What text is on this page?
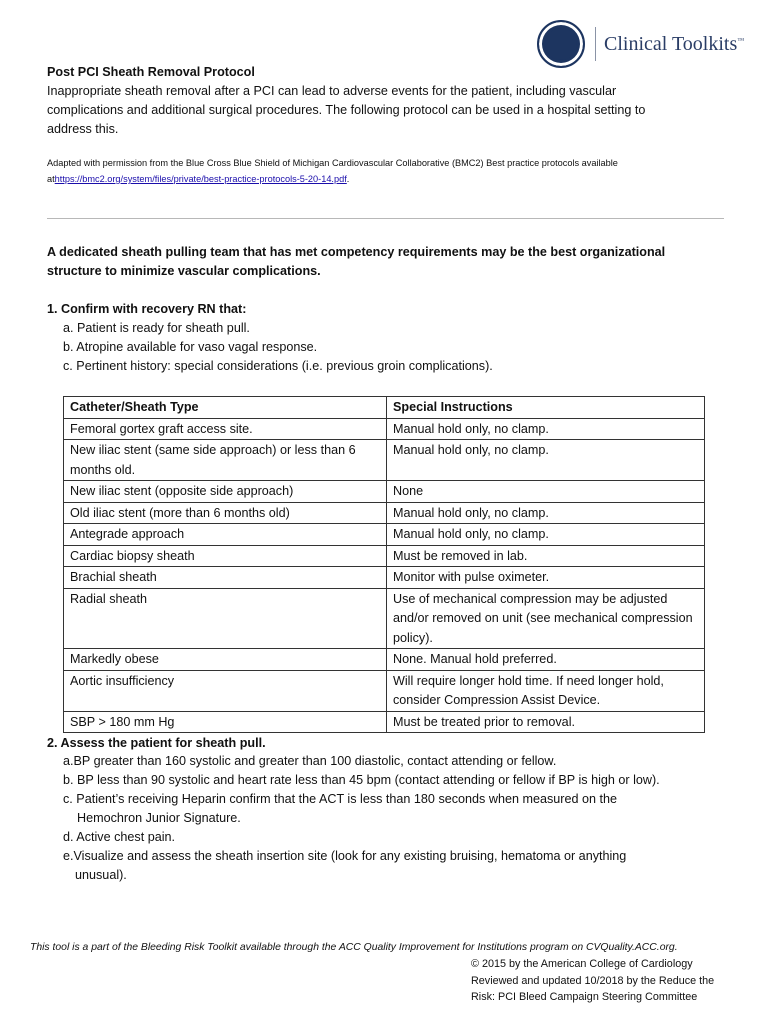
Clinical Toolkits™
Post PCI Sheath Removal Protocol
Inappropriate sheath removal after a PCI can lead to adverse events for the patient, including vascular
complications and additional surgical procedures. The following protocol can be used in a hospital setting to
address this.
Adapted with permission from the Blue Cross Blue Shield of Michigan Cardiovascular Collaborative (BMC2) Best practice protocols available
athttps://bmc2.org/system/files/private/best-practice-protocols-5-20-14.pdf.
A dedicated sheath pulling team that has met competency requirements may be the best organizational
structure to minimize vascular complications.
1. Confirm with recovery RN that:
a. Patient is ready for sheath pull.
b. Atropine available for vaso vagal response.
c. Pertinent history: special considerations (i.e. previous groin complications).
Catheter/Sheath Type	Special Instructions
Femoral gortex graft access site.	Manual hold only, no clamp.
New iliac stent (same side approach) or less than 6 months old.	Manual hold only, no clamp.
New iliac stent (opposite side approach)	None
Old iliac stent (more than 6 months old)	Manual hold only, no clamp.
Antegrade approach	Manual hold only, no clamp.
Cardiac biopsy sheath	Must be removed in lab.
Brachial sheath	Monitor with pulse oximeter.
Radial sheath	Use of mechanical compression may be adjusted and/or removed on unit (see mechanical compression policy).
Markedly obese	None. Manual hold preferred.
Aortic insufficiency	Will require longer hold time. If need longer hold, consider Compression Assist Device.
SBP > 180 mm Hg	Must be treated prior to removal.
2. Assess the patient for sheath pull.
a.BP greater than 160 systolic and greater than 100 diastolic, contact attending or fellow.
b. BP less than 90 systolic and heart rate less than 45 bpm (contact attending or fellow if BP is high or low).
c. Patient’s receiving Heparin confirm that the ACT is less than 180 seconds when measured on the
Hemochron Junior Signature.
d. Active chest pain.
e.Visualize and assess the sheath insertion site (look for any existing bruising, hematoma or anything
unusual).
This tool is a part of the Bleeding Risk Toolkit available through the ACC Quality Improvement for Institutions program on CVQuality.ACC.org.
© 2015 by the American College of Cardiology
Reviewed and updated 10/2018 by the Reduce the
Risk: PCI Bleed Campaign Steering Committee
